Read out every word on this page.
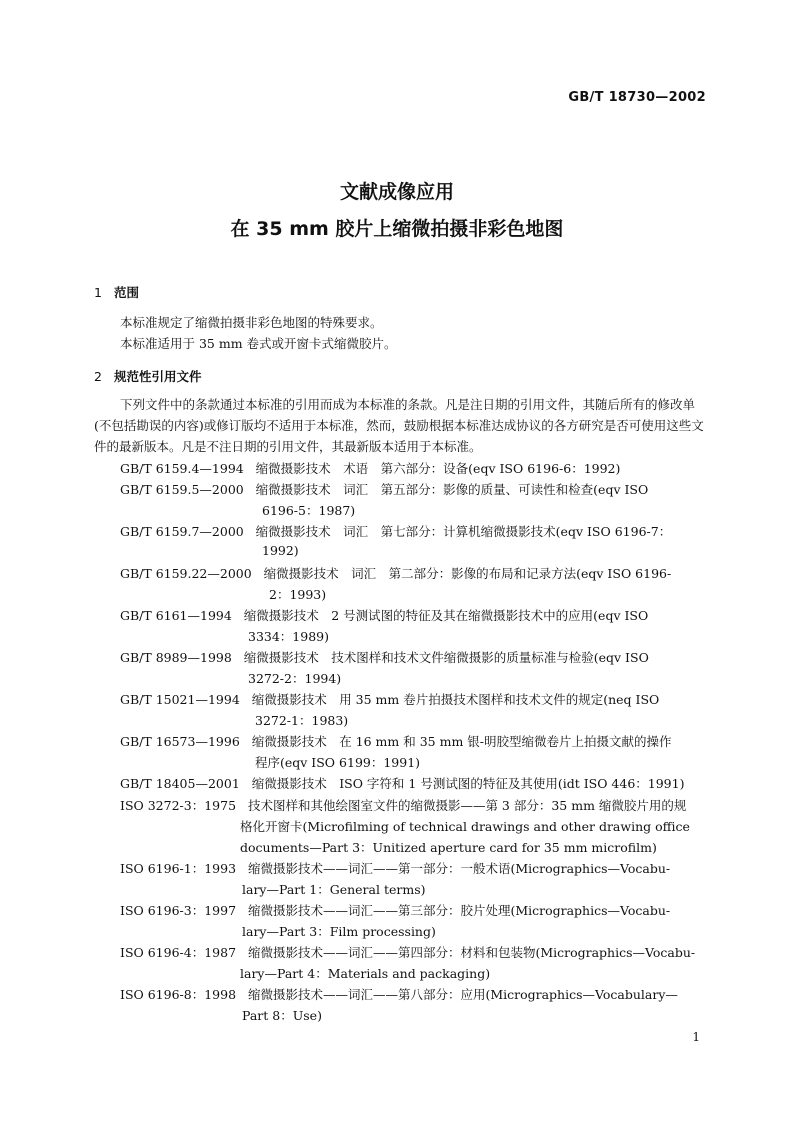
GB/T 18730—2002
文献成像应用
在 35 mm 胶片上缩微拍摄非彩色地图
1 范围
本标准规定了缩微拍摄非彩色地图的特殊要求。
本标准适用于 35 mm 卷式或开窗卡式缩微胶片。
2 规范性引用文件
下列文件中的条款通过本标准的引用而成为本标准的条款。凡是注日期的引用文件，其随后所有的修改单(不包括勘误的内容)或修订版均不适用于本标准，然而，鼓励根据本标准达成协议的各方研究是否可使用这些文件的最新版本。凡是不注日期的引用文件，其最新版本适用于本标准。
GB/T 6159.4—1994 缩微摄影技术　术语　第六部分：设备(eqv ISO 6196-6：1992)
GB/T 6159.5—2000 缩微摄影技术　词汇　第五部分：影像的质量、可读性和检查(eqv ISO
6196-5：1987)
GB/T 6159.7—2000 缩微摄影技术　词汇　第七部分：计算机缩微摄影技术(eqv ISO 6196-7：
1992)
GB/T 6159.22—2000 缩微摄影技术　词汇　第二部分：影像的布局和记录方法(eqv ISO 6196-
2：1993)
GB/T 6161—1994 缩微摄影技术　2 号测试图的特征及其在缩微摄影技术中的应用(eqv ISO
3334：1989)
GB/T 8989—1998 缩微摄影技术　技术图样和技术文件缩微摄影的质量标准与检验(eqv ISO
3272-2：1994)
GB/T 15021—1994 缩微摄影技术　用 35 mm 卷片拍摄技术图样和技术文件的规定(neq ISO
3272-1：1983)
GB/T 16573—1996 缩微摄影技术　在 16 mm 和 35 mm 银-明胶型缩微卷片上拍摄文献的操作
程序(eqv ISO 6199：1991)
GB/T 18405—2001 缩微摄影技术　ISO 字符和 1 号测试图的特征及其使用(idt ISO 446：1991)
ISO 3272-3：1975 技术图样和其他绘图室文件的缩微摄影——第 3 部分：35 mm 缩微胶片用的规
格化开窗卡(Microfilming of technical drawings and other drawing office
documents—Part 3：Unitized aperture card for 35 mm microfilm)
ISO 6196-1：1993 缩微摄影技术——词汇——第一部分：一般术语(Micrographics—Vocabu-
lary—Part 1：General terms)
ISO 6196-3：1997 缩微摄影技术——词汇——第三部分：胶片处理(Micrographics—Vocabu-
lary—Part 3：Film processing)
ISO 6196-4：1987 缩微摄影技术——词汇——第四部分：材料和包装物(Micrographics—Vocabu-
lary—Part 4：Materials and packaging)
ISO 6196-8：1998 缩微摄影技术——词汇——第八部分：应用(Micrographics—Vocabulary—
Part 8：Use)
1
